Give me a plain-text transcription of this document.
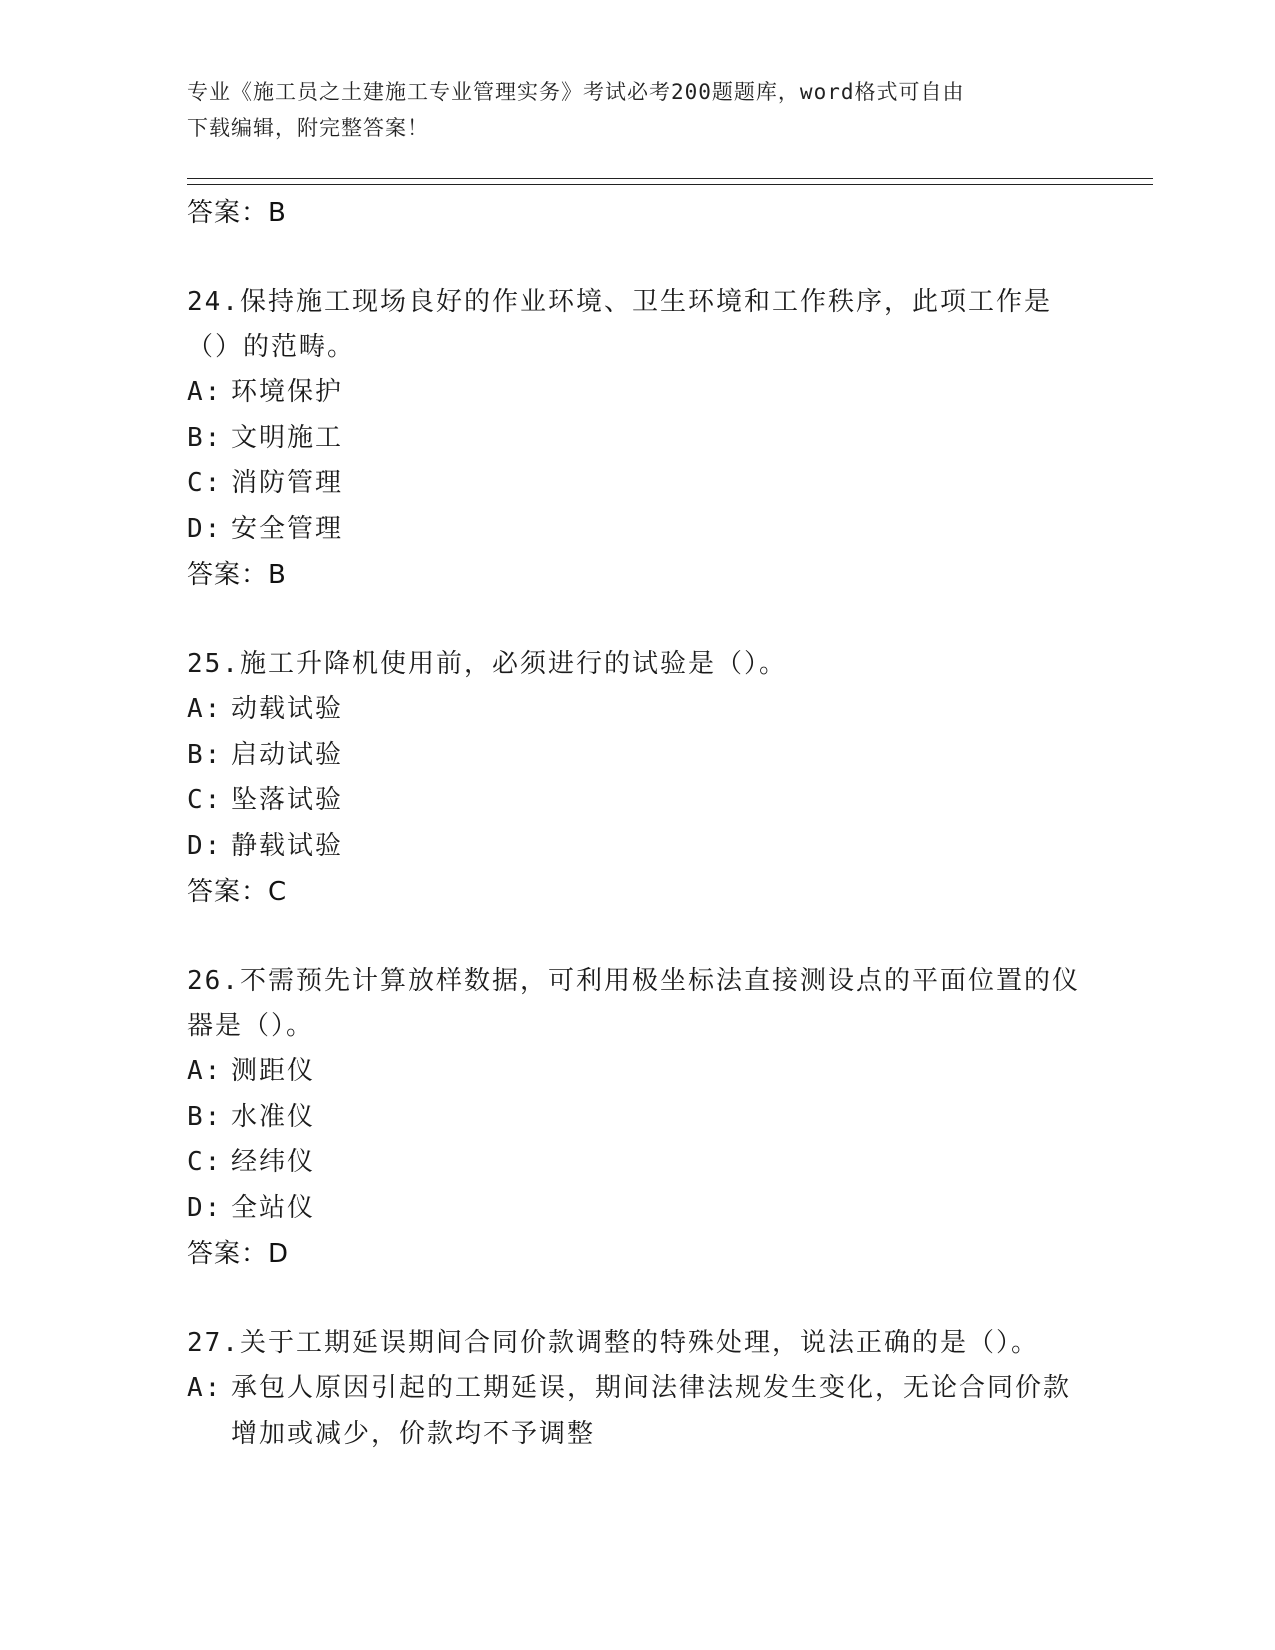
专业《施工员之土建施工专业管理实务》考试必考200题题库，word格式可自由
下载编辑，附完整答案！
答案：B
24.保持施工现场良好的作业环境、卫生环境和工作秩序，此项工作是（）的范畴。
A: 环境保护
B: 文明施工
C: 消防管理
D: 安全管理
答案：B
25.施工升降机使用前，必须进行的试验是（）。
A: 动载试验
B: 启动试验
C: 坠落试验
D: 静载试验
答案：C
26.不需预先计算放样数据，可利用极坐标法直接测设点的平面位置的仪器是（）。
A: 测距仪
B: 水准仪
C: 经纬仪
D: 全站仪
答案：D
27.关于工期延误期间合同价款调整的特殊处理，说法正确的是（）。
A: 承包人原因引起的工期延误，期间法律法规发生变化，无论合同价款增加或减少，价款均不予调整
